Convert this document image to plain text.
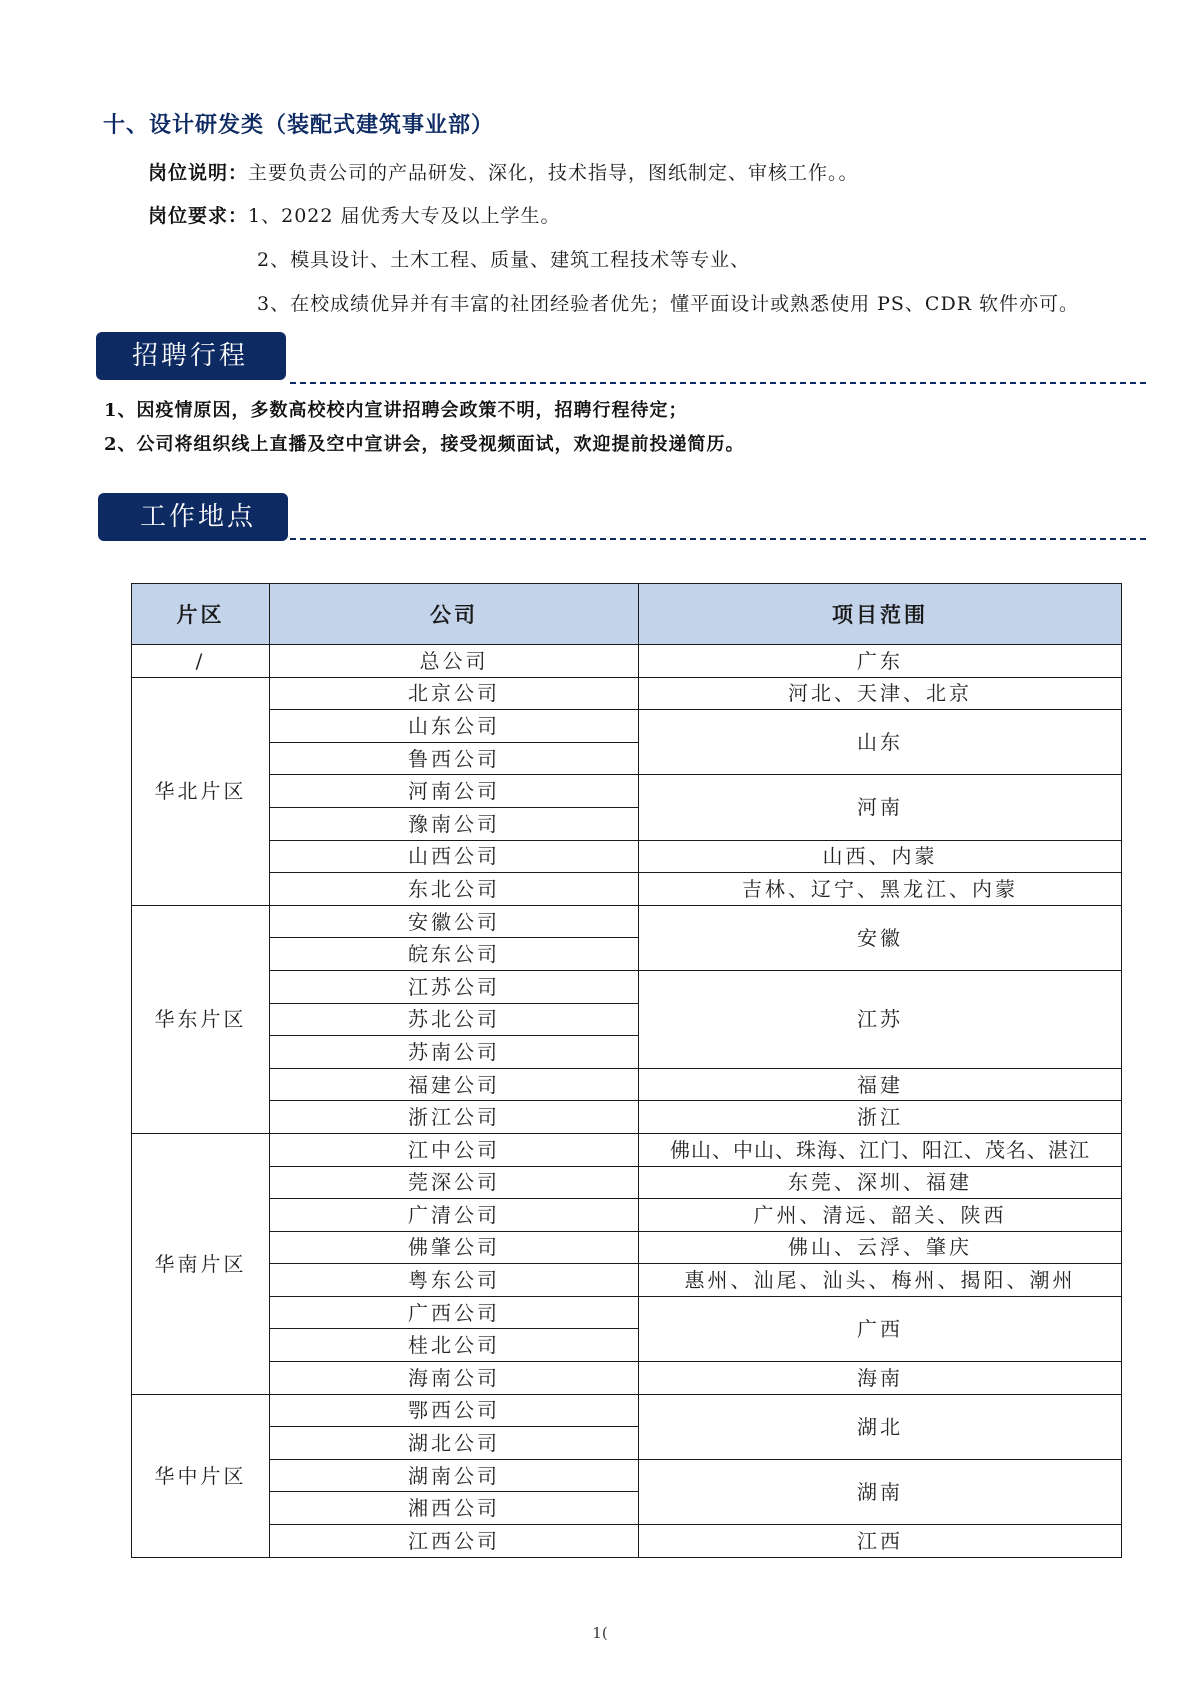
十、设计研发类（装配式建筑事业部）
岗位说明：主要负责公司的产品研发、深化，技术指导，图纸制定、审核工作。。
岗位要求：1、2022 届优秀大专及以上学生。
2、模具设计、土木工程、质量、建筑工程技术等专业、
3、在校成绩优异并有丰富的社团经验者优先；懂平面设计或熟悉使用 PS、CDR 软件亦可。
招聘行程
1、因疫情原因，多数高校校内宣讲招聘会政策不明，招聘行程待定；
2、公司将组织线上直播及空中宣讲会，接受视频面试，欢迎提前投递简历。
工作地点
片区	公司	项目范围
/	总公司	广东
华北片区	北京公司	河北、天津、北京
	山东公司	山东
	鲁西公司	
	河南公司	河南
	豫南公司	
	山西公司	山西、内蒙
	东北公司	吉林、辽宁、黑龙江、内蒙
华东片区	安徽公司	安徽
	皖东公司	
	江苏公司	江苏
	苏北公司	
	苏南公司	
	福建公司	福建
	浙江公司	浙江
华南片区	江中公司	佛山、中山、珠海、江门、阳江、茂名、湛江
	莞深公司	东莞、深圳、福建
	广清公司	广州、清远、韶关、陕西
	佛肇公司	佛山、云浮、肇庆
	粤东公司	惠州、汕尾、汕头、梅州、揭阳、潮州
	广西公司	广西
	桂北公司	
	海南公司	海南
华中片区	鄂西公司	湖北
	湖北公司	
	湖南公司	湖南
	湘西公司	
	江西公司	江西
1(
